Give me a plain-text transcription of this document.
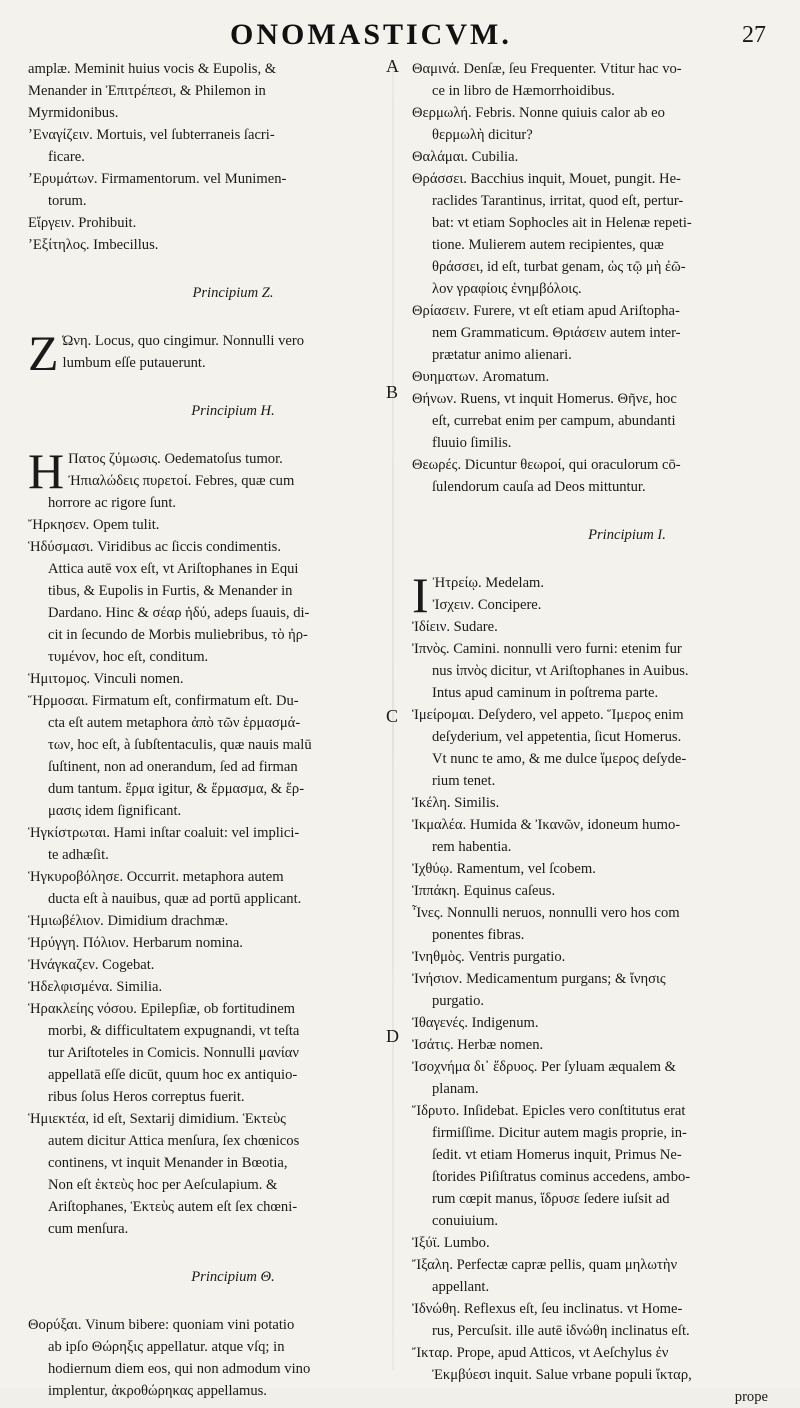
ONOMASTICVM.	27
amplæ. Meminit huius vocis & Eupolis, &
Menander in Ἐπιτρέπεσι, & Philemon in
Myrmidonibus.
ʼΕναγίζειν. Mortuis, vel ſubterraneis ſacri-
ficare.
ʼΕρυμάτων. Firmamentorum. vel Munimen-
torum.
Εἴργειν. Prohibuit.
ʼΕξίτηλος. Imbecillus.
Principium Z.
Z Ώνη. Locus, quo cingimur. Nonnulli vero
lumbum eſſe putauerunt.
Principium H.
H Πατος ζύμωσις. Oedematoſus tumor.
Ἠπιαλώδεις πυρετοί. Febres, quæ cum
horrore ac rigore ſunt.
Ἤρκησεν. Opem tulit.
Ἡδύσμασι. Viridibus ac ſiccis condimentis.
Attica autē vox eſt, vt Ariſtophanes in Equi
tibus, & Eupolis in Furtis, & Menander in
Dardano. Hinc & σέαρ ἡδύ, adeps ſuauis, di-
cit in ſecundo de Morbis muliebribus, τὸ ἠρ-
τυμένον, hoc eſt, conditum.
Ἡμιτομος. Vinculi nomen.
Ἥρμοσαι. Firmatum eſt, confirmatum eſt. Du-
cta eſt autem metaphora ἀπὸ τῶν ἑρμασμά-
των, hoc eſt, à ſubſtentaculis, quæ nauis malū
ſuſtinent, non ad onerandum, ſed ad firman
dum tantum. ἕρμα igitur, & ἕρμασμα, & ἕρ-
μασις idem ſignificant.
Ἡγκίστρωται. Hami inſtar coaluit: vel implici-
te adhæſit.
Ἡγκυροβόλησε. Occurrit. metaphora autem
ducta eſt à nauibus, quæ ad portū applicant.
Ἡμιωβέλιον. Dimidium drachmæ.
Ἠρύγγη. Πόλιον. Herbarum nomina.
Ἠνάγκαζεν. Cogebat.
Ἠδελφισμένα. Similia.
Ἡρακλείης νόσου. Epilepſiæ, ob fortitudinem
morbi, & difficultatem expugnandi, vt teſta
tur Ariſtoteles in Comicis. Nonnulli μανίαν
appellatā eſſe dicūt, quum hoc ex antiquio-
ribus ſolus Heros correptus fuerit.
Ἡμιεκτέα, id eſt, Sextarij dimidium. Ἑκτεὺς
autem dicitur Attica menſura, ſex chœnicos
continens, vt inquit Menander in Bœotia,
Non eſt ἑκτεὺς hoc per Aeſculapium. &
Ariſtophanes, Ἑκτεὺς autem eſt ſex chœni-
cum menſura.
Principium Θ.
Θορύξαι. Vinum bibere: quoniam vini potatio
ab ipſo Θώρηξις appellatur. atque vſq; in
hodiernum diem eos, qui non admodum vino
implentur, ἀκροθώρηκας appellamus.
Θαμινά. Denſæ, ſeu Frequenter. Vtitur hac vo-
ce in libro de Hæmorrhoidibus.
Θερμωλή. Febris. Nonne quiuis calor ab eo
θερμωλὴ dicitur?
Θαλάμαι. Cubilia.
Θράσσει. Bacchius inquit, Mouet, pungit. He-
raclides Tarantinus, irritat, quod eſt, pertur-
bat: vt etiam Sophocles ait in Helenæ repeti-
tione. Mulierem autem recipientes, quæ
θράσσει, id eſt, turbat genam, ὡς τῷ μὴ ἐῶ-
λον γραφίοις ἐνημβόλοις.
Θρίασειν. Furere, vt eſt etiam apud Ariſtopha-
nem Grammaticum. Θριάσειν autem inter-
prætatur animo alienari.
Θυηματων. Aromatum.
Θήνων. Ruens, vt inquit Homerus. Θῆνε, hoc
eſt, currebat enim per campum, abundanti
fluuio ſimilis.
Θεωρές. Dicuntur θεωροί, qui oraculorum cō-
ſulendorum cauſa ad Deos mittuntur.
Principium I.
I Ἠτρείῳ. Medelam.
Ἰσχειν. Concipere.
Ἰδίειν. Sudare.
Ἰπνὸς. Camini. nonnulli vero furni: etenim fur
nus ἰπνὸς dicitur, vt Ariſtophanes in Auibus.
Intus apud caminum in poſtrema parte.
Ἱμείρομαι. Deſydero, vel appeto. Ἵμερος enim
deſyderium, vel appetentia, ſicut Homerus.
Vt nunc te amo, & me dulce ἵμερος deſyde-
rium tenet.
Ἰκέλη. Similis.
Ἰκμαλέα. Humida & Ἰκανῶν, idoneum humo-
rem habentia.
Ἰχθύῳ. Ramentum, vel ſcobem.
Ἱππάκη. Equinus caſeus.
Ἶνες. Nonnulli neruos, nonnulli vero hos com
ponentes fibras.
Ἰνηθμὸς. Ventris purgatio.
Ἰνήσιον. Medicamentum purgans; & ἴνησις
purgatio.
Ἰθαγενές. Indigenum.
Ἰσάτις. Herbæ nomen.
Ἰσοχνήμα δι᾽ ἕδρυος. Per ſyluam æqualem &
planam.
Ἵδρυτο. Inſidebat. Epicles vero conſtitutus erat
firmiſſime. Dicitur autem magis proprie, in-
ſedit. vt etiam Homerus inquit, Primus Ne-
ſtorides Piſiſtratus cominus accedens, ambo-
rum cœpit manus, ἵδρυσε ſedere iuſsit ad
conuiuium.
Ἰξύϊ. Lumbo.
Ἴξαλη. Perfectæ capræ pellis, quam μηλωτὴν
appellant.
Ἰδνώθη. Reflexus eſt, ſeu inclinatus. vt Home-
rus, Percuſsit. ille autē ἰδνώθη inclinatus eſt.
Ἴκταρ. Prope, apud Atticos, vt Aeſchylus ἐν
Ἐκμβύεσι inquit. Salue vrbane populi ἴκταρ,
prope
A
B
C
D
